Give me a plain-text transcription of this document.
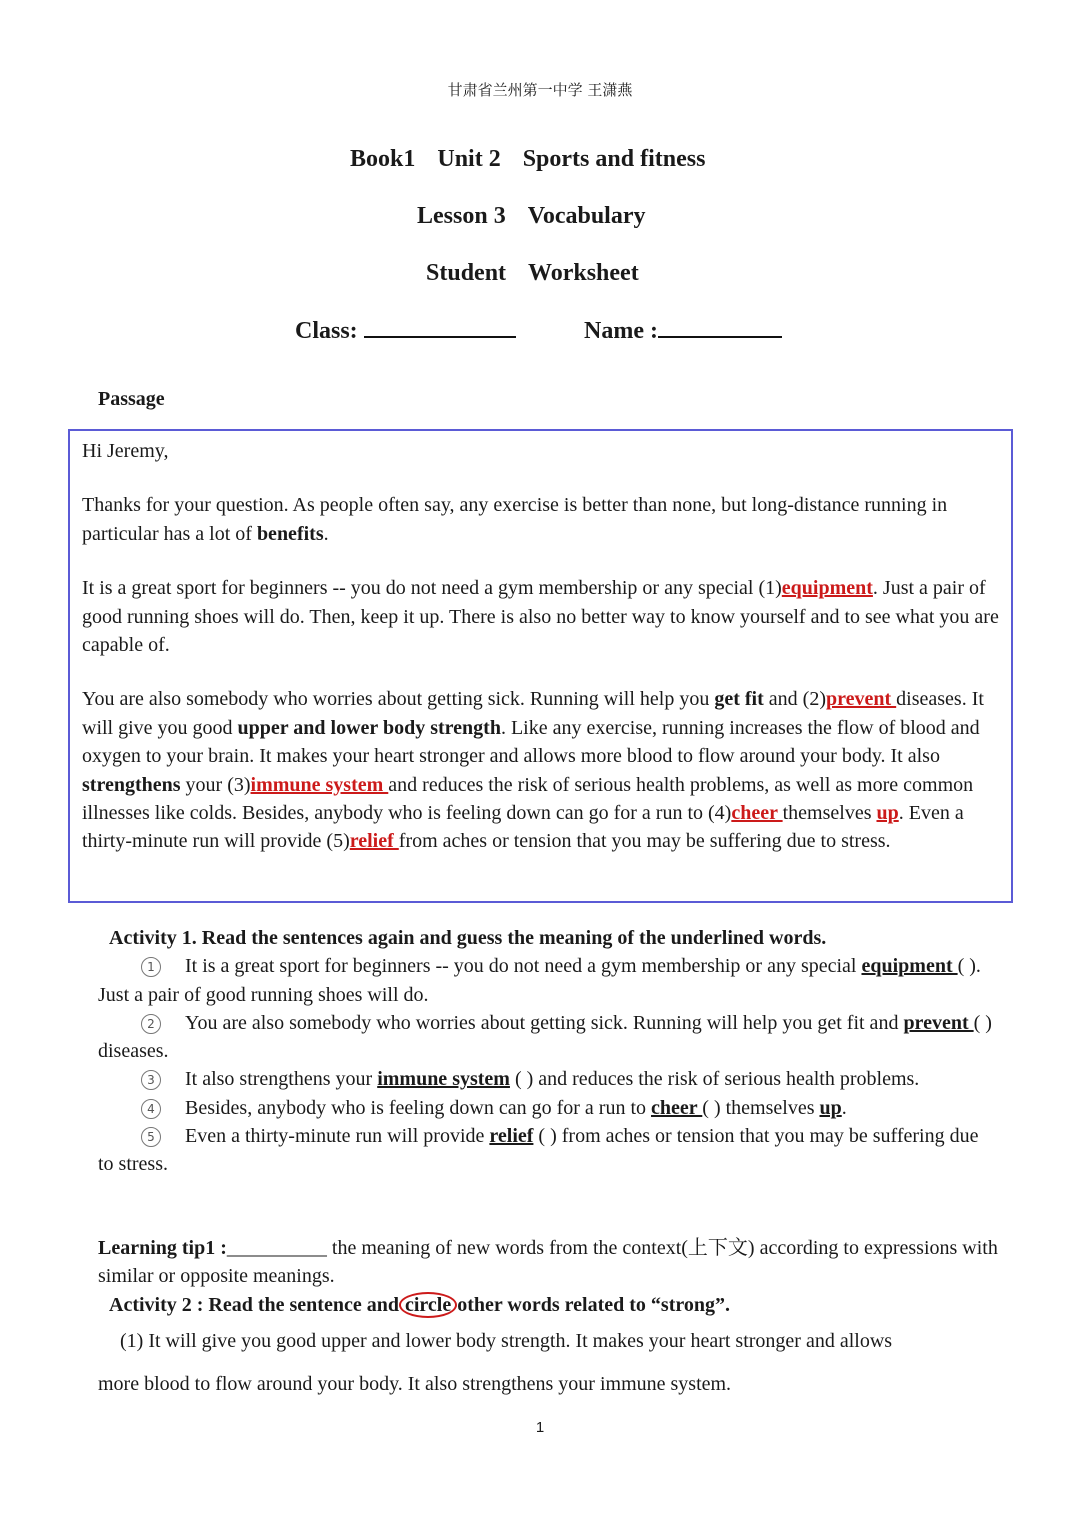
甘肃省兰州第一中学 王潇燕
Book1 Unit 2 Sports and fitness
Lesson 3 Vocabulary
Student Worksheet
Class:	Name :
Passage

Hi Jeremy,

Thanks for your question. As people often say, any exercise is better than none, but long-distance running in particular has a lot of benefits.

It is a great sport for beginners -- you do not need a gym membership or any special (1)equipment. Just a pair of good running shoes will do. Then, keep it up. There is also no better way to know yourself and to see what you are capable of.

You are also somebody who worries about getting sick. Running will help you get fit and (2)prevent diseases. It will give you good upper and lower body strength. Like any exercise, running increases the flow of blood and oxygen to your brain. It makes your heart stronger and allows more blood to flow around your body. It also strengthens your (3)immune system and reduces the risk of serious health problems, as well as more common illnesses like colds. Besides, anybody who is feeling down can go for a run to (4)cheer themselves up. Even a thirty-minute run will provide (5)relief from aches or tension that you may be suffering due to stress.

Activity 1. Read the sentences again and guess the meaning of the underlined words.
1 It is a great sport for beginners -- you do not need a gym membership or any special equipment ( ). Just a pair of good running shoes will do.
2 You are also somebody who worries about getting sick. Running will help you get fit and prevent ( ) diseases.
3 It also strengthens your immune system ( ) and reduces the risk of serious health problems.
4 Besides, anybody who is feeling down can go for a run to cheer ( ) themselves up.
5 Even a thirty-minute run will provide relief ( ) from aches or tension that you may be suffering due to stress.
Learning tip1 :__________ the meaning of new words from the context(上下文) according to expressions with similar or opposite meanings.
Activity 2 : Read the sentence and circle other words related to “strong”.
(1) It will give you good upper and lower body strength. It makes your heart stronger and allows
more blood to flow around your body. It also strengthens your immune system.
1
